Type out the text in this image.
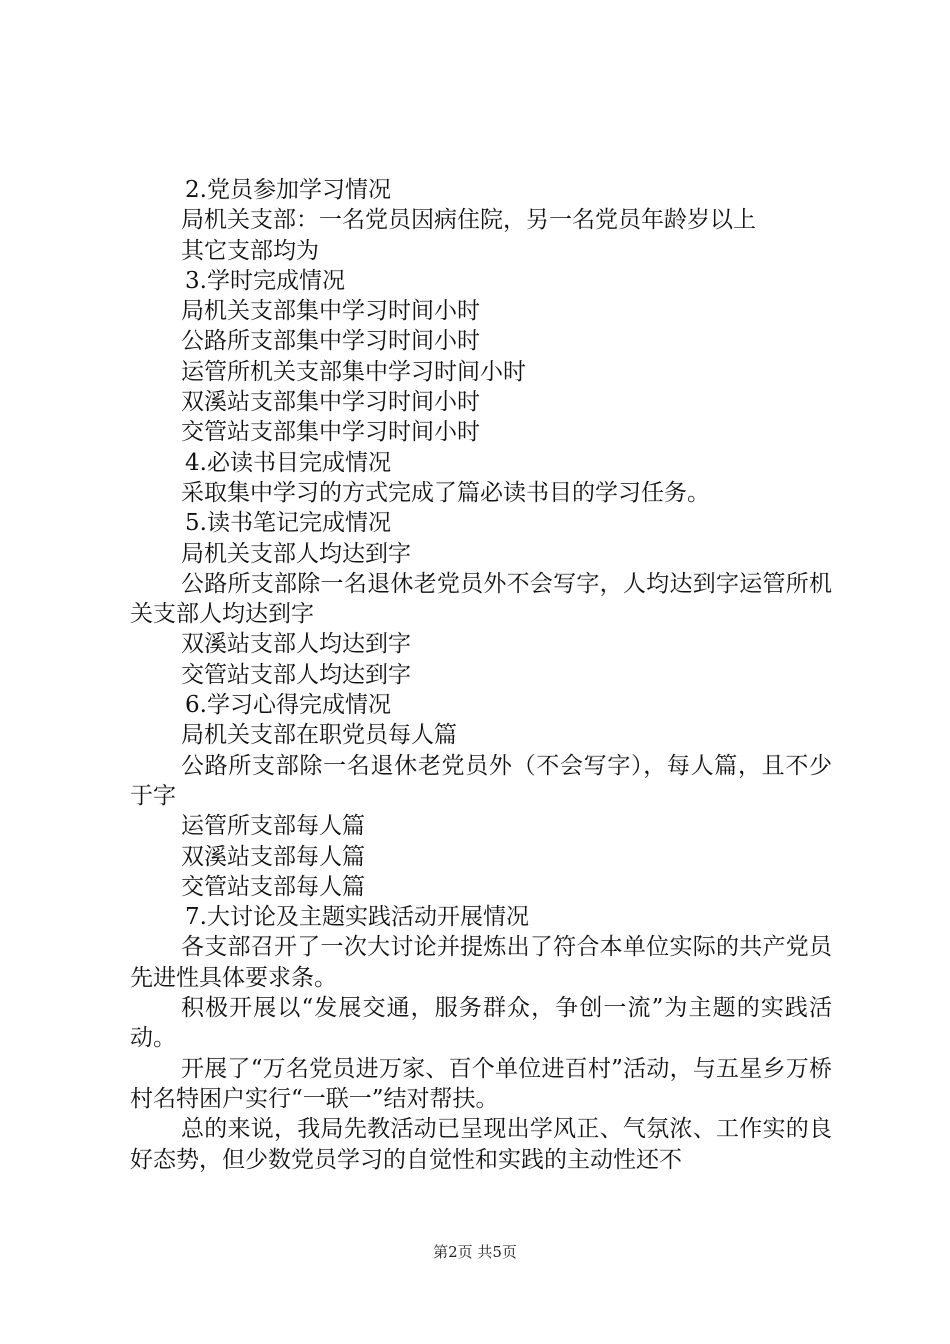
2.党员参加学习情况
局机关支部：一名党员因病住院，另一名党员年龄岁以上
其它支部均为
3.学时完成情况
局机关支部集中学习时间小时
公路所支部集中学习时间小时
运管所机关支部集中学习时间小时
双溪站支部集中学习时间小时
交管站支部集中学习时间小时
4.必读书目完成情况
采取集中学习的方式完成了篇必读书目的学习任务。
5.读书笔记完成情况
局机关支部人均达到字
公路所支部除一名退休老党员外不会写字，人均达到字运管所机关支部人均达到字
双溪站支部人均达到字
交管站支部人均达到字
6.学习心得完成情况
局机关支部在职党员每人篇
公路所支部除一名退休老党员外（不会写字），每人篇，且不少于字
运管所支部每人篇
双溪站支部每人篇
交管站支部每人篇
7.大讨论及主题实践活动开展情况
各支部召开了一次大讨论并提炼出了符合本单位实际的共产党员先进性具体要求条。
积极开展以“发展交通，服务群众，争创一流”为主题的实践活动。
开展了“万名党员进万家、百个单位进百村”活动，与五星乡万桥村名特困户实行“一联一”结对帮扶。
总的来说，我局先教活动已呈现出学风正、气氛浓、工作实的良好态势，但少数党员学习的自觉性和实践的主动性还不
第2页 共5页
